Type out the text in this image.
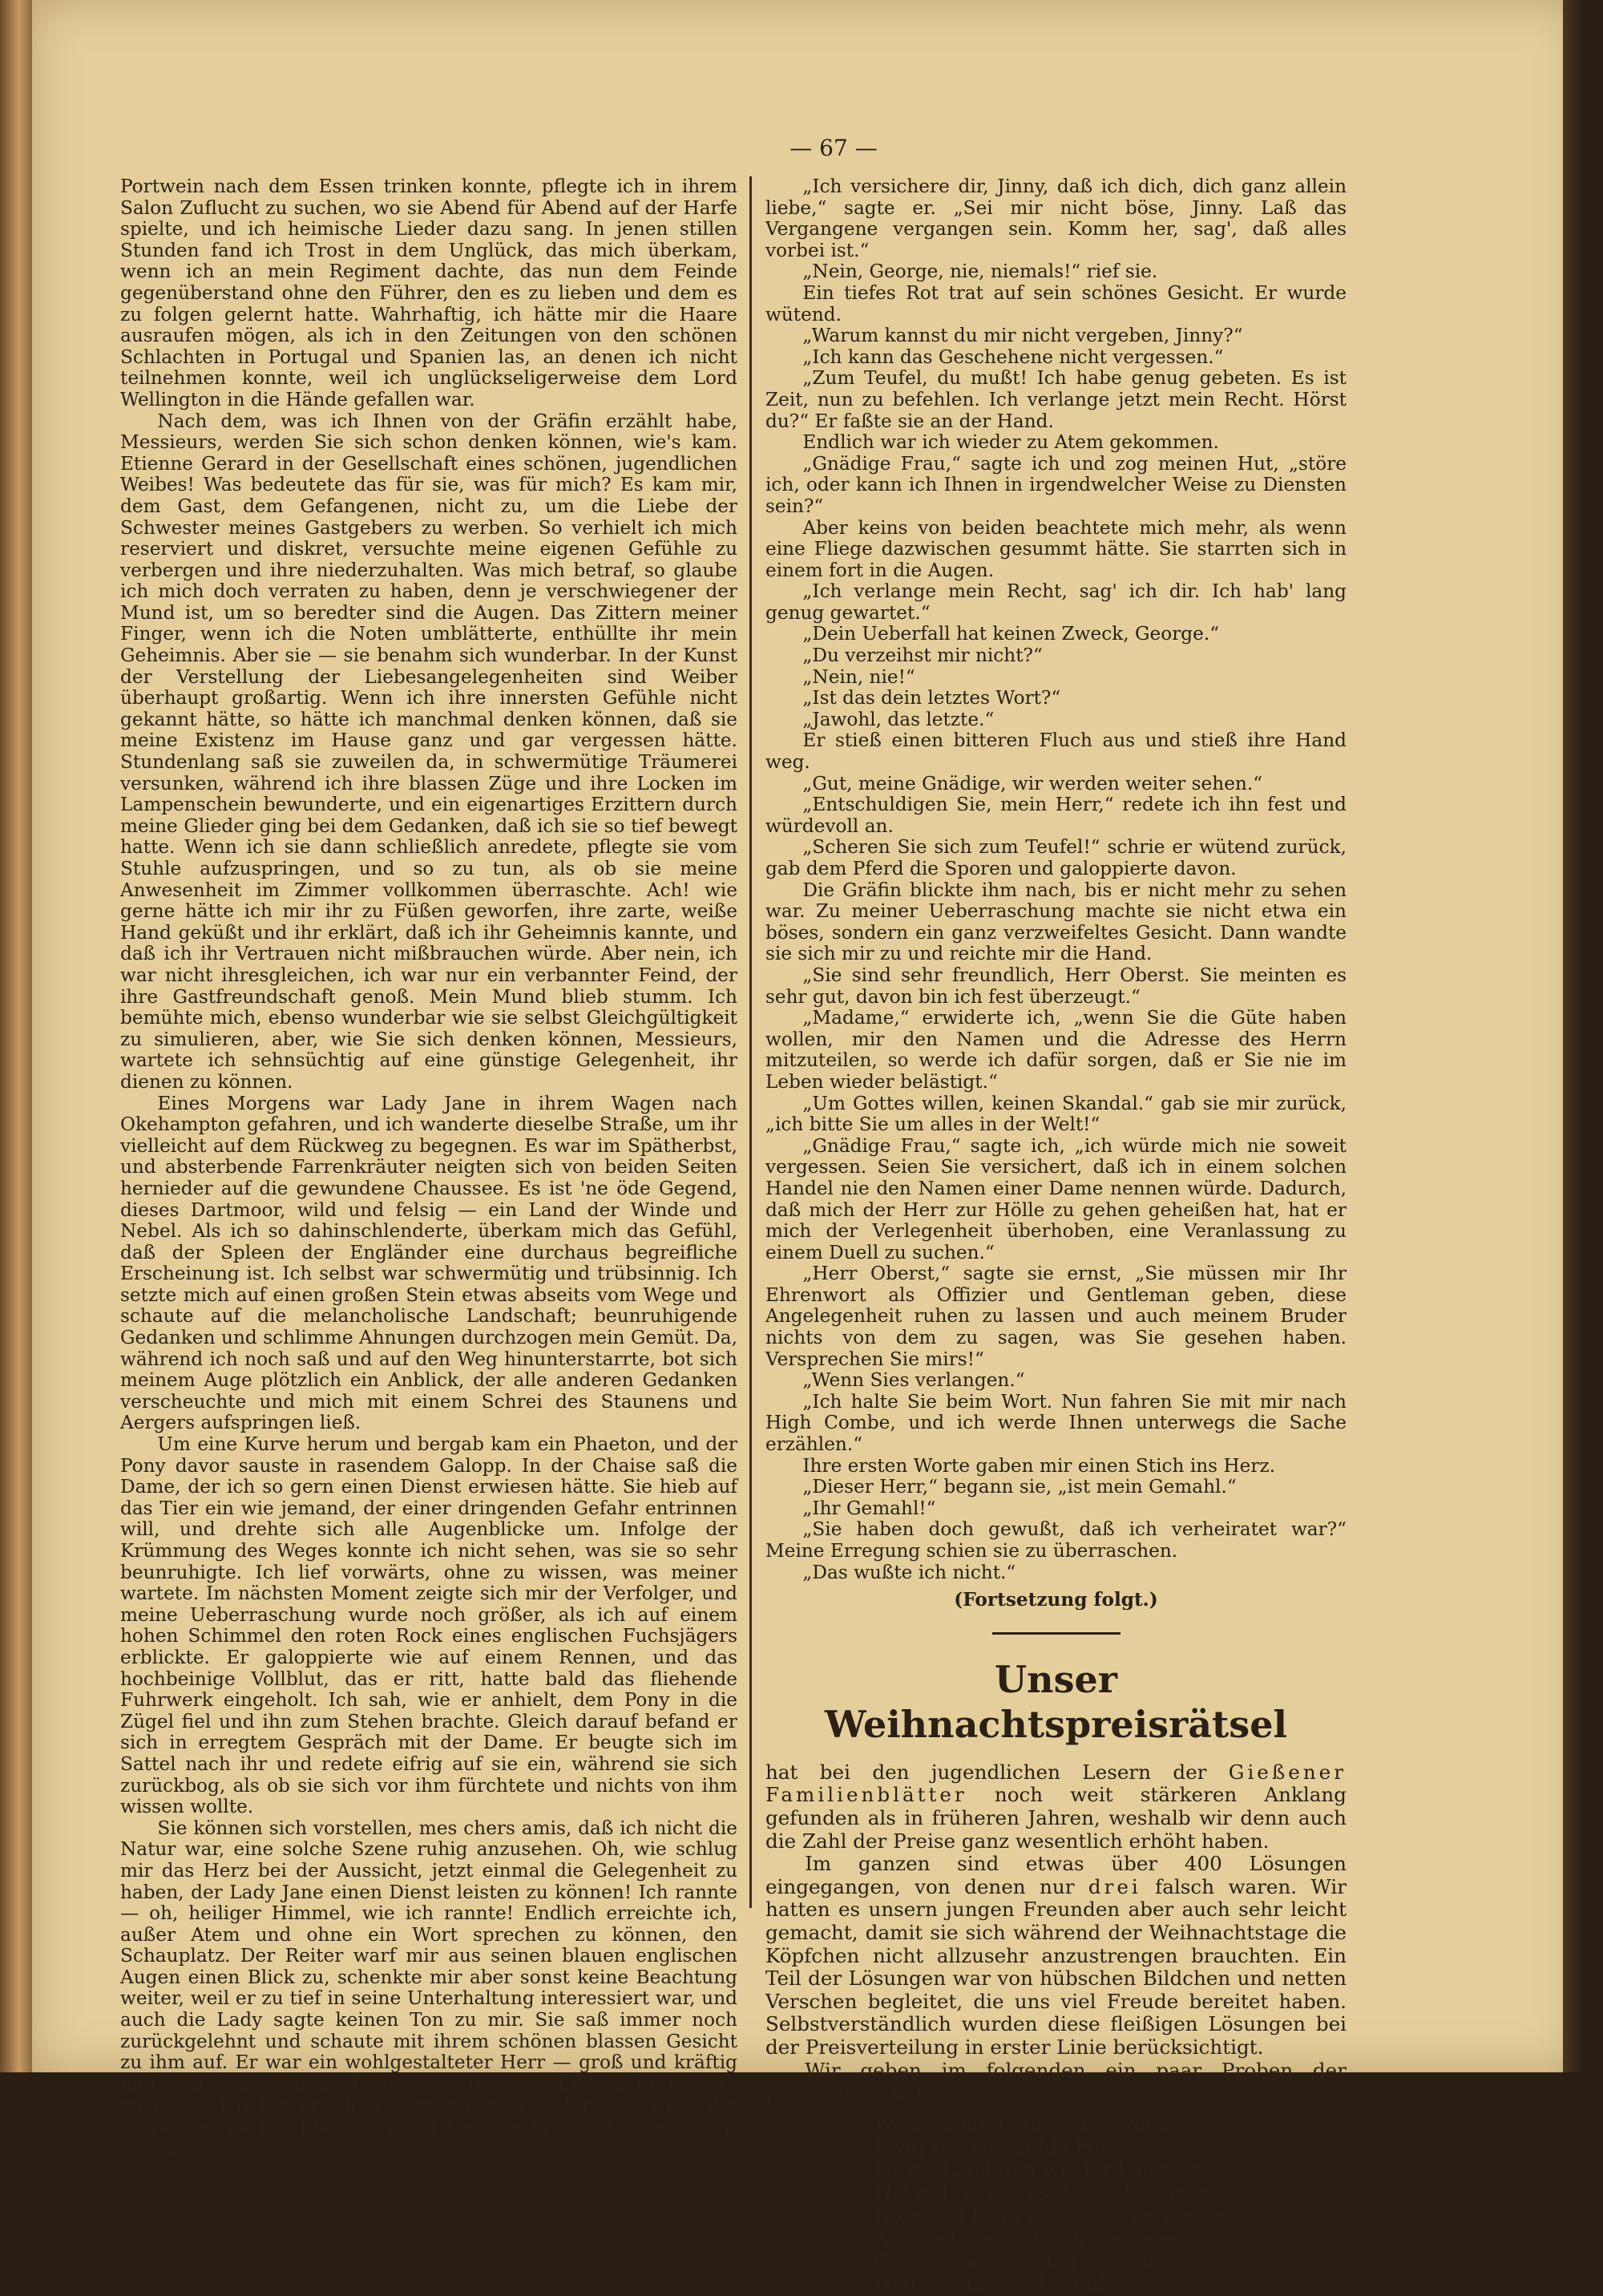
— 67 —

Portwein nach dem Essen trinken konnte, pflegte ich in ihrem Salon Zuflucht zu suchen, wo sie Abend für Abend auf der Harfe spielte, und ich heimische Lieder dazu sang. In jenen stillen Stunden fand ich Trost in dem Unglück, das mich überkam, wenn ich an mein Regiment dachte, das nun dem Feinde gegenüberstand ohne den Führer, den es zu lieben und dem es zu folgen gelernt hatte. Wahrhaftig, ich hätte mir die Haare ausraufen mögen, als ich in den Zeitungen von den schönen Schlachten in Portugal und Spanien las, an denen ich nicht teilnehmen konnte, weil ich unglückseligerweise dem Lord Wellington in die Hände gefallen war.

Nach dem, was ich Ihnen von der Gräfin erzählt habe, Messieurs, werden Sie sich schon denken können, wie's kam. Etienne Gerard in der Gesellschaft eines schönen, jugendlichen Weibes! Was bedeutete das für sie, was für mich? Es kam mir, dem Gast, dem Gefangenen, nicht zu, um die Liebe der Schwester meines Gastgebers zu werben. So verhielt ich mich reserviert und diskret, versuchte meine eigenen Gefühle zu verbergen und ihre niederzuhalten. Was mich betraf, so glaube ich mich doch verraten zu haben, denn je verschwiegener der Mund ist, um so beredter sind die Augen. Das Zittern meiner Finger, wenn ich die Noten umblätterte, enthüllte ihr mein Geheimnis. Aber sie — sie benahm sich wunderbar. In der Kunst der Verstellung der Liebesangelegenheiten sind Weiber überhaupt großartig. Wenn ich ihre innersten Gefühle nicht gekannt hätte, so hätte ich manchmal denken können, daß sie meine Existenz im Hause ganz und gar vergessen hätte. Stundenlang saß sie zuweilen da, in schwermütige Träumerei versunken, während ich ihre blassen Züge und ihre Locken im Lampenschein bewunderte, und ein eigenartiges Erzittern durch meine Glieder ging bei dem Gedanken, daß ich sie so tief bewegt hatte. Wenn ich sie dann schließlich anredete, pflegte sie vom Stuhle aufzuspringen, und so zu tun, als ob sie meine Anwesenheit im Zimmer vollkommen überraschte. Ach! wie gerne hätte ich mir ihr zu Füßen geworfen, ihre zarte, weiße Hand geküßt und ihr erklärt, daß ich ihr Geheimnis kannte, und daß ich ihr Vertrauen nicht mißbrauchen würde. Aber nein, ich war nicht ihresgleichen, ich war nur ein verbannter Feind, der ihre Gastfreundschaft genoß. Mein Mund blieb stumm. Ich bemühte mich, ebenso wunderbar wie sie selbst Gleichgültigkeit zu simulieren, aber, wie Sie sich denken können, Messieurs, wartete ich sehnsüchtig auf eine günstige Gelegenheit, ihr dienen zu können.

Eines Morgens war Lady Jane in ihrem Wagen nach Okehampton gefahren, und ich wanderte dieselbe Straße, um ihr vielleicht auf dem Rückweg zu begegnen. Es war im Spätherbst, und absterbende Farrenkräuter neigten sich von beiden Seiten hernieder auf die gewundene Chaussee. Es ist 'ne öde Gegend, dieses Dartmoor, wild und felsig — ein Land der Winde und Nebel. Als ich so dahinschlenderte, überkam mich das Gefühl, daß der Spleen der Engländer eine durchaus begreifliche Erscheinung ist. Ich selbst war schwermütig und trübsinnig. Ich setzte mich auf einen großen Stein etwas abseits vom Wege und schaute auf die melancholische Landschaft; beunruhigende Gedanken und schlimme Ahnungen durchzogen mein Gemüt. Da, während ich noch saß und auf den Weg hinunterstarrte, bot sich meinem Auge plötzlich ein Anblick, der alle anderen Gedanken verscheuchte und mich mit einem Schrei des Staunens und Aergers aufspringen ließ.

Um eine Kurve herum und bergab kam ein Phaeton, und der Pony davor sauste in rasendem Galopp. In der Chaise saß die Dame, der ich so gern einen Dienst erwiesen hätte. Sie hieb auf das Tier ein wie jemand, der einer dringenden Gefahr entrinnen will, und drehte sich alle Augenblicke um. Infolge der Krümmung des Weges konnte ich nicht sehen, was sie so sehr beunruhigte. Ich lief vorwärts, ohne zu wissen, was meiner wartete. Im nächsten Moment zeigte sich mir der Verfolger, und meine Ueberraschung wurde noch größer, als ich auf einem hohen Schimmel den roten Rock eines englischen Fuchsjägers erblickte. Er galoppierte wie auf einem Rennen, und das hochbeinige Vollblut, das er ritt, hatte bald das fliehende Fuhrwerk eingeholt. Ich sah, wie er anhielt, dem Pony in die Zügel fiel und ihn zum Stehen brachte. Gleich darauf befand er sich in erregtem Gespräch mit der Dame. Er beugte sich im Sattel nach ihr und redete eifrig auf sie ein, während sie sich zurückbog, als ob sie sich vor ihm fürchtete und nichts von ihm wissen wollte.

Sie können sich vorstellen, mes chers amis, daß ich nicht die Natur war, eine solche Szene ruhig anzusehen. Oh, wie schlug mir das Herz bei der Aussicht, jetzt einmal die Gelegenheit zu haben, der Lady Jane einen Dienst leisten zu können! Ich rannte — oh, heiliger Himmel, wie ich rannte! Endlich erreichte ich, außer Atem und ohne ein Wort sprechen zu können, den Schauplatz. Der Reiter warf mir aus seinen blauen englischen Augen einen Blick zu, schenkte mir aber sonst keine Beachtung weiter, weil er zu tief in seine Unterhaltung interessiert war, und auch die Lady sagte keinen Ton zu mir. Sie saß immer noch zurückgelehnt und schaute mit ihrem schönen blassen Gesicht zu ihm auf. Er war ein wohlgestalteter Herr — groß und kräftig und von bräunlichem Teint; eine gewisse Eifersucht erfaßte mich, als ich ihn ansah. Er sprach leise und rasch, wie's die Engländer zu tun pflegen, wenn sie eine ernste Angelegenheit behandeln.

„Ich versichere dir, Jinny, daß ich dich, dich ganz allein liebe,“ sagte er. „Sei mir nicht böse, Jinny. Laß das Vergangene vergangen sein. Komm her, sag', daß alles vorbei ist.“

„Nein, George, nie, niemals!“ rief sie.

Ein tiefes Rot trat auf sein schönes Gesicht. Er wurde wütend.

„Warum kannst du mir nicht vergeben, Jinny?“

„Ich kann das Geschehene nicht vergessen.“

„Zum Teufel, du mußt! Ich habe genug gebeten. Es ist Zeit, nun zu befehlen. Ich verlange jetzt mein Recht. Hörst du?“ Er faßte sie an der Hand.

Endlich war ich wieder zu Atem gekommen.

„Gnädige Frau,“ sagte ich und zog meinen Hut, „störe ich, oder kann ich Ihnen in irgendwelcher Weise zu Diensten sein?“

Aber keins von beiden beachtete mich mehr, als wenn eine Fliege dazwischen gesummt hätte. Sie starrten sich in einem fort in die Augen.

„Ich verlange mein Recht, sag' ich dir. Ich hab' lang genug gewartet.“

„Dein Ueberfall hat keinen Zweck, George.“

„Du verzeihst mir nicht?“

„Nein, nie!“

„Ist das dein letztes Wort?“

„Jawohl, das letzte.“

Er stieß einen bitteren Fluch aus und stieß ihre Hand weg.

„Gut, meine Gnädige, wir werden weiter sehen.“

„Entschuldigen Sie, mein Herr,“ redete ich ihn fest und würdevoll an.

„Scheren Sie sich zum Teufel!“ schrie er wütend zurück, gab dem Pferd die Sporen und galoppierte davon.

Die Gräfin blickte ihm nach, bis er nicht mehr zu sehen war. Zu meiner Ueberraschung machte sie nicht etwa ein böses, sondern ein ganz verzweifeltes Gesicht. Dann wandte sie sich mir zu und reichte mir die Hand.

„Sie sind sehr freundlich, Herr Oberst. Sie meinten es sehr gut, davon bin ich fest überzeugt.“

„Madame,“ erwiderte ich, „wenn Sie die Güte haben wollen, mir den Namen und die Adresse des Herrn mitzuteilen, so werde ich dafür sorgen, daß er Sie nie im Leben wieder belästigt.“

„Um Gottes willen, keinen Skandal.“ gab sie mir zurück, „ich bitte Sie um alles in der Welt!“

„Gnädige Frau,“ sagte ich, „ich würde mich nie soweit vergessen. Seien Sie versichert, daß ich in einem solchen Handel nie den Namen einer Dame nennen würde. Dadurch, daß mich der Herr zur Hölle zu gehen geheißen hat, hat er mich der Verlegenheit überhoben, eine Veranlassung zu einem Duell zu suchen.“

„Herr Oberst,“ sagte sie ernst, „Sie müssen mir Ihr Ehrenwort als Offizier und Gentleman geben, diese Angelegenheit ruhen zu lassen und auch meinem Bruder nichts von dem zu sagen, was Sie gesehen haben. Versprechen Sie mirs!“

„Wenn Sies verlangen.“

„Ich halte Sie beim Wort. Nun fahren Sie mit mir nach High Combe, und ich werde Ihnen unterwegs die Sache erzählen.“

Ihre ersten Worte gaben mir einen Stich ins Herz.

„Dieser Herr,“ begann sie, „ist mein Gemahl.“

„Ihr Gemahl!“

„Sie haben doch gewußt, daß ich verheiratet war?“ Meine Erregung schien sie zu überraschen.

„Das wußte ich nicht.“

(Fortsetzung folgt.)

Unser Weihnachtspreisrätsel

hat bei den jugendlichen Lesern der Gießener Familienblätter noch weit stärkeren Anklang gefunden als in früheren Jahren, weshalb wir denn auch die Zahl der Preise ganz wesentlich erhöht haben.

Im ganzen sind etwas über 400 Lösungen eingegangen, von denen nur drei falsch waren. Wir hatten es unsern jungen Freunden aber auch sehr leicht gemacht, damit sie sich während der Weihnachtstage die Köpfchen nicht allzusehr anzustrengen brauchten. Ein Teil der Lösungen war von hübschen Bildchen und netten Verschen begleitet, die uns viel Freude bereitet haben. Selbstverständlich wurden diese fleißigen Lösungen bei der Preisverteilung in erster Linie berücksichtigt.

Wir geben im folgenden ein paar Proben der poetischen Lösungen:

Weihnachten, die zaubervolle,
Ewig schöne, milde Fee,
Ist ins Land nun wieder kommen,
Hat gebracht uns Eis und Schnee.
Niemand kann die Nacht vergessen,
Als, verkündet durch die Seher,
Christus ward geboren in dem
Heil'gen Lande der Judäer.
